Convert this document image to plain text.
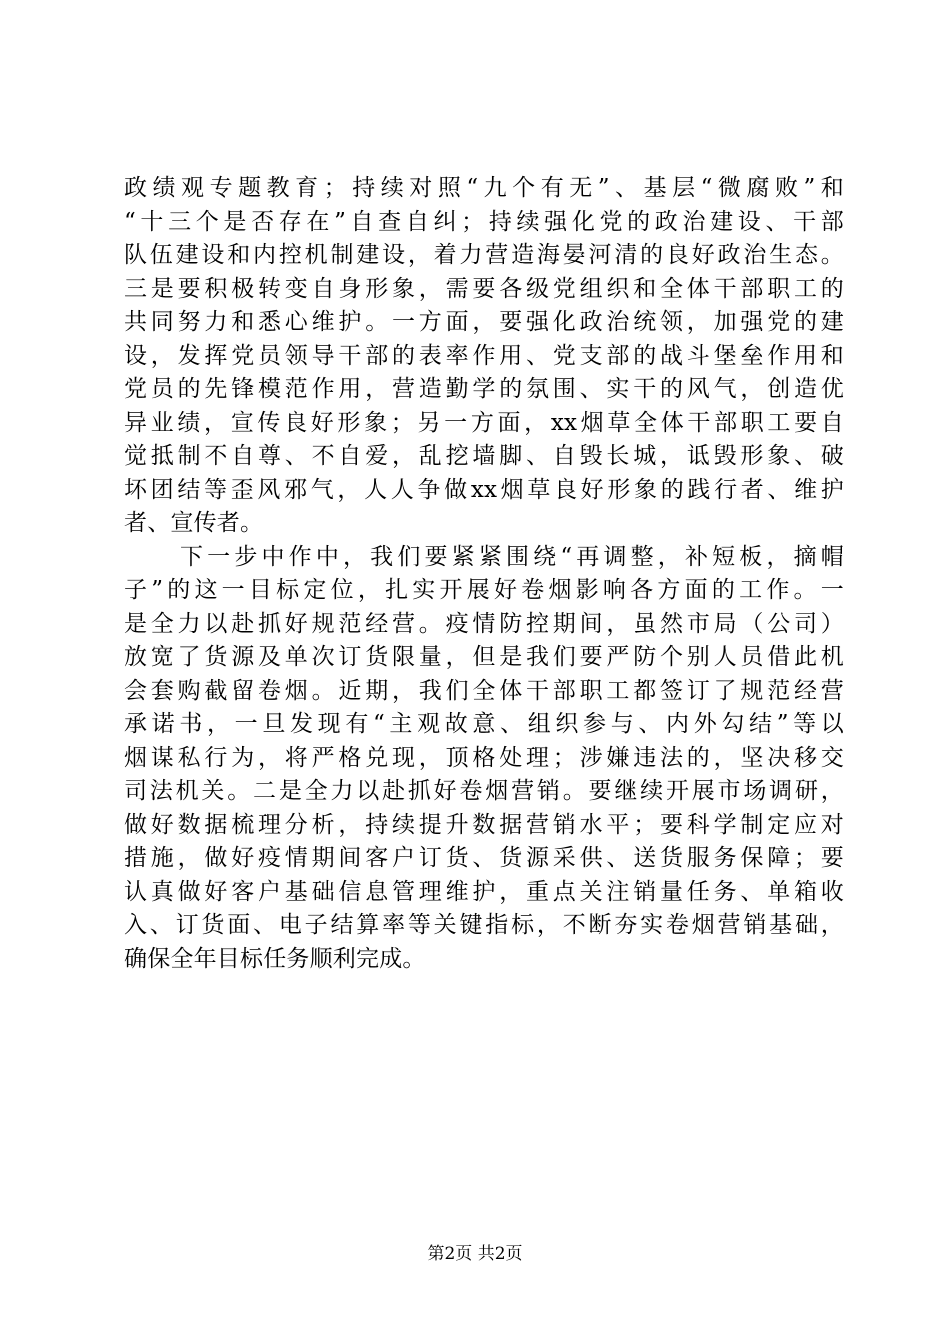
政绩观专题教育；持续对照“九个有无”、基层“微腐败”和
“十三个是否存在”自查自纠；持续强化党的政治建设、干部
队伍建设和内控机制建设，着力营造海晏河清的良好政治生态。
三是要积极转变自身形象，需要各级党组织和全体干部职工的
共同努力和悉心维护。一方面，要强化政治统领，加强党的建
设，发挥党员领导干部的表率作用、党支部的战斗堡垒作用和
党员的先锋模范作用，营造勤学的氛围、实干的风气，创造优
异业绩，宣传良好形象；另一方面，xx烟草全体干部职工要自
觉抵制不自尊、不自爱，乱挖墙脚、自毁长城，诋毁形象、破
坏团结等歪风邪气，人人争做xx烟草良好形象的践行者、维护
者、宣传者。
下一步中作中，我们要紧紧围绕“再调整，补短板，摘帽
子”的这一目标定位，扎实开展好卷烟影响各方面的工作。一
是全力以赴抓好规范经营。疫情防控期间，虽然市局（公司）
放宽了货源及单次订货限量，但是我们要严防个别人员借此机
会套购截留卷烟。近期，我们全体干部职工都签订了规范经营
承诺书，一旦发现有“主观故意、组织参与、内外勾结”等以
烟谋私行为，将严格兑现，顶格处理；涉嫌违法的，坚决移交
司法机关。二是全力以赴抓好卷烟营销。要继续开展市场调研，
做好数据梳理分析，持续提升数据营销水平；要科学制定应对
措施，做好疫情期间客户订货、货源采供、送货服务保障；要
认真做好客户基础信息管理维护，重点关注销量任务、单箱收
入、订货面、电子结算率等关键指标，不断夯实卷烟营销基础，
确保全年目标任务顺利完成。
第2页 共2页
